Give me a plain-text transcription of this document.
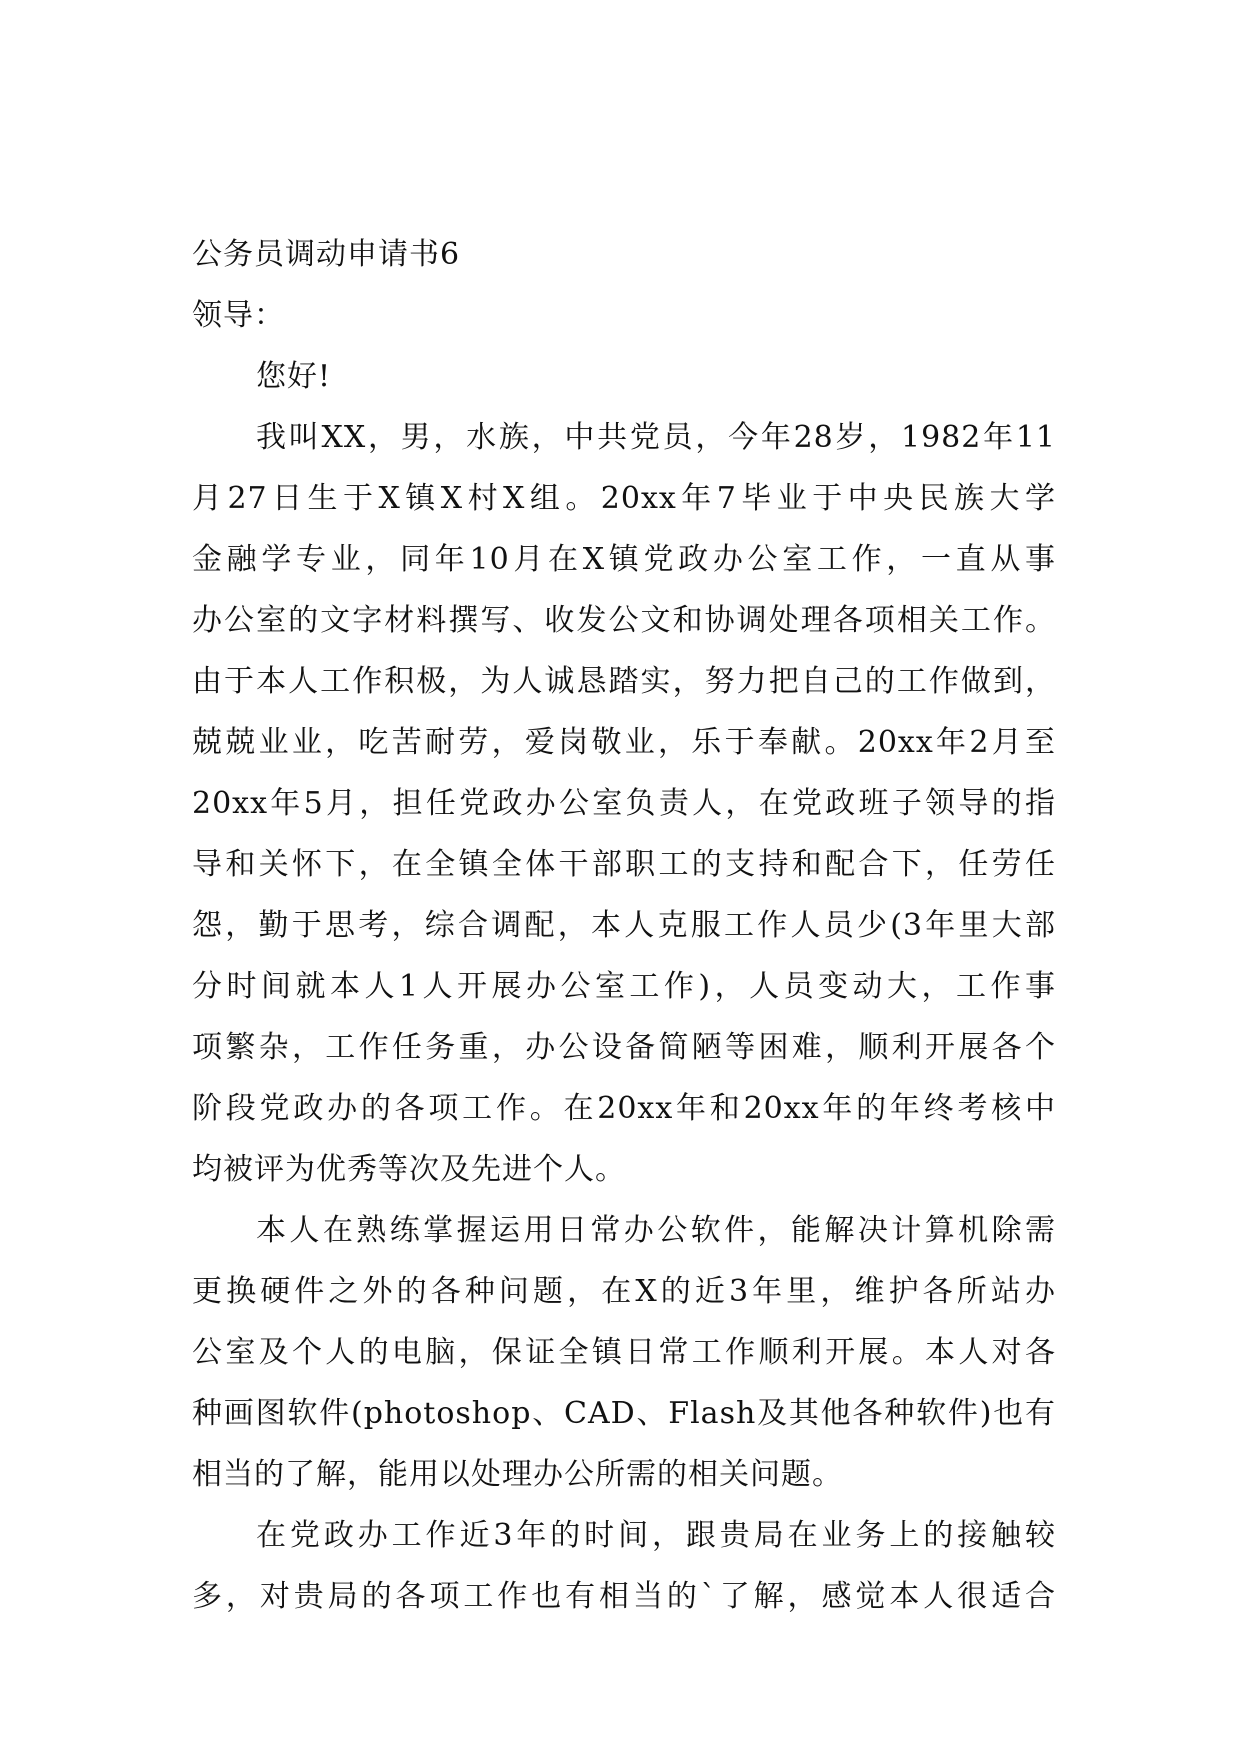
公务员调动申请书6
领导：
您好!
我叫XX，男，水族，中共党员，今年28岁，1982年11
月27日生于X镇X村X组。20xx年7毕业于中央民族大学
金融学专业，同年10月在X镇党政办公室工作，一直从事
办公室的文字材料撰写、收发公文和协调处理各项相关工作。
由于本人工作积极，为人诚恳踏实，努力把自己的工作做到，
兢兢业业，吃苦耐劳，爱岗敬业，乐于奉献。20xx年2月至
20xx年5月，担任党政办公室负责人，在党政班子领导的指
导和关怀下，在全镇全体干部职工的支持和配合下，任劳任
怨，勤于思考，综合调配，本人克服工作人员少(3年里大部
分时间就本人1人开展办公室工作)，人员变动大，工作事
项繁杂，工作任务重，办公设备简陋等困难，顺利开展各个
阶段党政办的各项工作。在20xx年和20xx年的年终考核中
均被评为优秀等次及先进个人。
本人在熟练掌握运用日常办公软件，能解决计算机除需
更换硬件之外的各种问题，在X的近3年里，维护各所站办
公室及个人的电脑，保证全镇日常工作顺利开展。本人对各
种画图软件(photoshop、CAD、Flash及其他各种软件)也有
相当的了解，能用以处理办公所需的相关问题。
在党政办工作近3年的时间，跟贵局在业务上的接触较
多，对贵局的各项工作也有相当的`了解，感觉本人很适合
